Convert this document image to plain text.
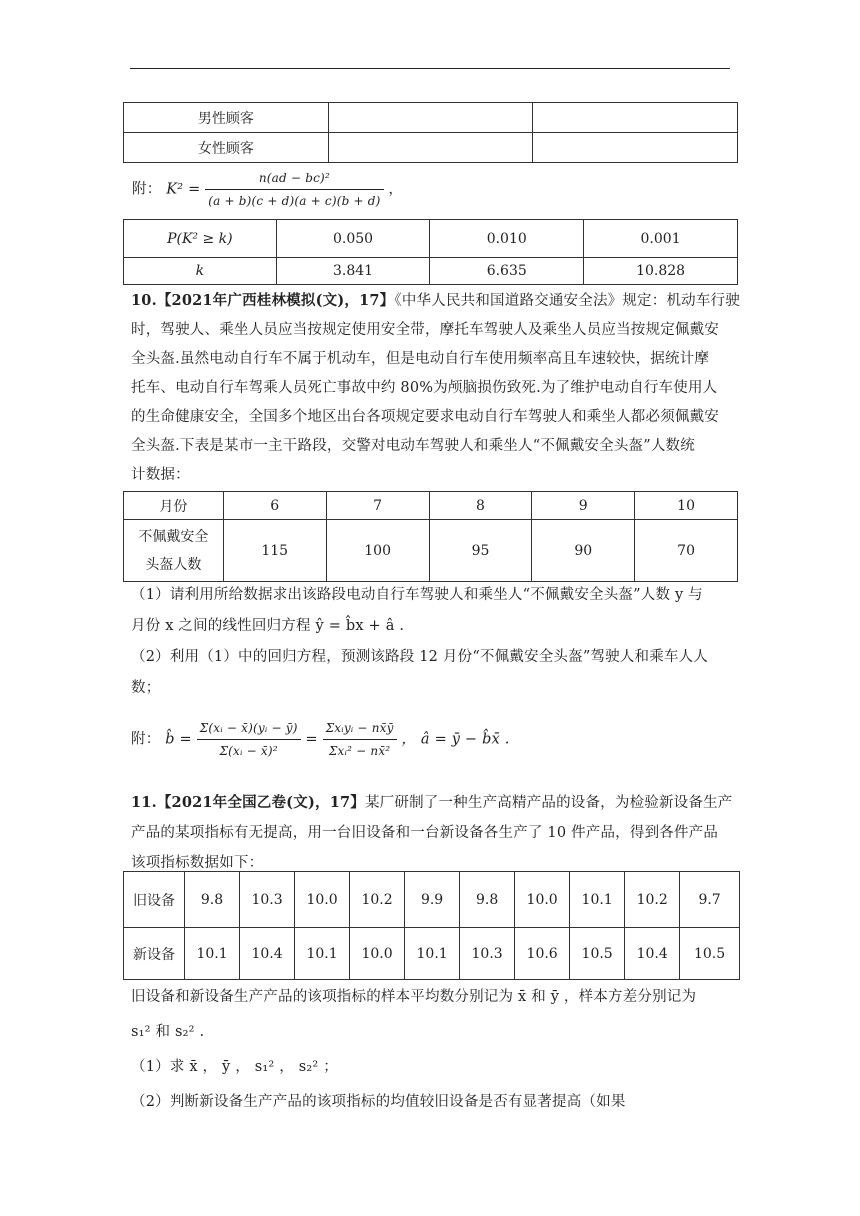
男性顾客		
女性顾客		
附： $K^2 = \frac{\text{n(ad − bc)²}}{(a + b)(c + d)(a + c)(b + d)}$ ，
P(K² ≥ k)	0.050	0.010	0.001
k	3.841	6.635	10.828
10.【2021年广西桂林模拟(文)，17】《中华人民共和国道路交通安全法》规定：机动车行驶
时，驾驶人、乘坐人员应当按规定使用安全带，摩托车驾驶人及乘坐人员应当按规定佩戴安
全头盔.虽然电动自行车不属于机动车，但是电动自行车使用频率高且车速较快，据统计摩
托车、电动自行车驾乘人员死亡事故中约 80%为颅脑损伤致死.为了维护电动自行车使用人
的生命健康安全，全国多个地区出台各项规定要求电动自行车驾驶人和乘坐人都必须佩戴安
全头盔.下表是某市一主干路段，交警对电动车驾驶人和乘坐人“不佩戴安全头盔”人数统
计数据：
月份	6	7	8	9	10

不佩戴安全
头盔人数	115	100	95	90	70
（1）请利用所给数据求出该路段电动自行车驾驶人和乘坐人“不佩戴安全头盔”人数 y 与
月份 x 之间的线性回归方程 ŷ = b̂x + â .
（2）利用（1）中的回归方程，预测该路段 12 月份“不佩戴安全头盔”驾驶人和乘车人人
数；
附： b̂ = $\frac{\text{Σ(xᵢ − x̄)(yᵢ − ȳ)}}{\text{Σ(xᵢ − x̄)²}} = \frac{\text{Σxᵢyᵢ − nx̄ȳ}}{\text{Σxᵢ² − nx̄²}}$ ， â = ȳ − b̂x̄ .
11.【2021年全国乙卷(文)，17】某厂研制了一种生产高精产品的设备，为检验新设备生产
产品的某项指标有无提高，用一台旧设备和一台新设备各生产了 10 件产品，得到各件产品
该项指标数据如下：
旧设备	9.8	10.3	10.0	10.2	9.9	9.8	10.0	10.1	10.2	9.7
新设备	10.1	10.4	10.1	10.0	10.1	10.3	10.6	10.5	10.4	10.5
旧设备和新设备生产产品的该项指标的样本平均数分别记为 x̄ 和 ȳ ，样本方差分别记为
s₁² 和 s₂² .
（1）求 x̄ ， ȳ ， s₁² ， s₂² ；
（2）判断新设备生产产品的该项指标的均值较旧设备是否有显著提高（如果
